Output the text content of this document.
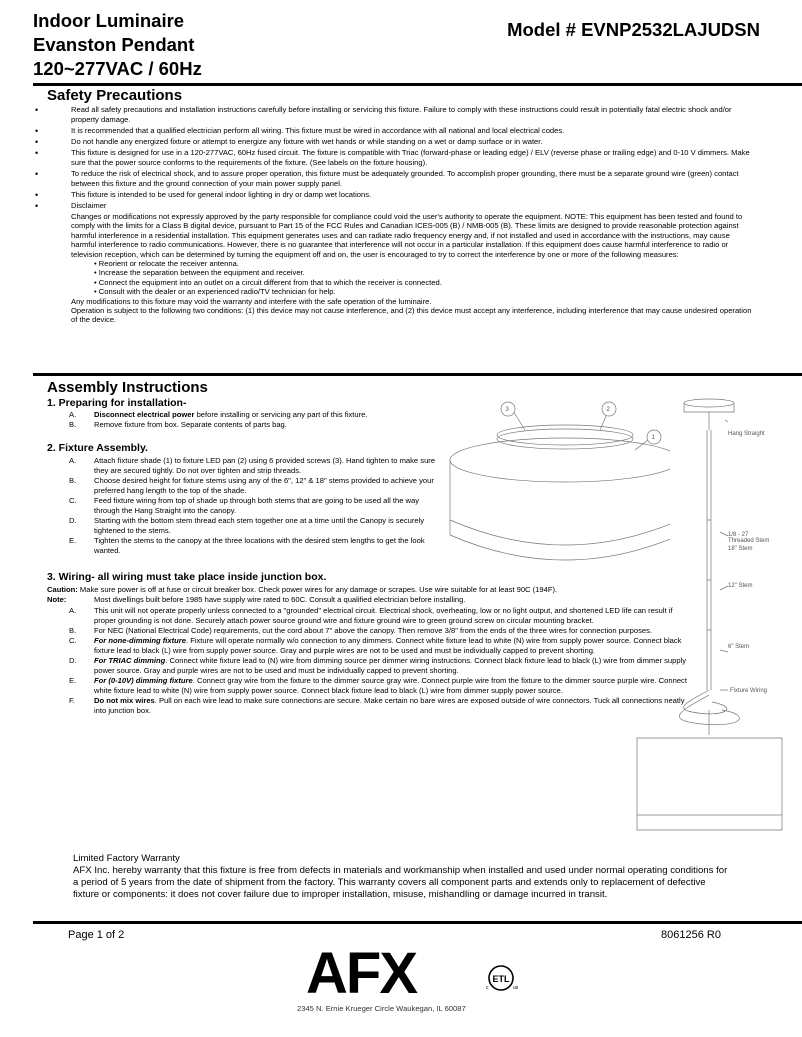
Indoor Luminaire
Evanston Pendant
120~277VAC / 60Hz
Model # EVNP2532LAJUDSN
Safety Precautions
• Read all safety precautions and installation instructions carefully before installing or servicing this fixture. Failure to comply with these instructions could result in potentially fatal electric shock and/or property damage.
• It is recommended that a qualified electrician perform all wiring. This fixture must be wired in accordance with all national and local electrical codes.
• Do not handle any energized fixture or attempt to energize any fixture with wet hands or while standing on a wet or damp surface or in water.
• This fixture is designed for use in a 120-277VAC, 60Hz fused circuit. The fixture is compatible with Triac (forward-phase or leading edge) / ELV (reverse phase or trailing edge) and 0-10 V dimmers. Make sure that the power source conforms to the requirements of the fixture. (See labels on the fixture housing).
• To reduce the risk of electrical shock, and to assure proper operation, this fixture must be adequately grounded. To accomplish proper grounding, there must be a separate ground wire (green) contact between this fixture and the ground connection of your main power supply panel.
• This fixture is intended to be used for general indoor lighting in dry or damp wet locations.
• Disclaimer
Changes or modifications not expressly approved by the party responsible for compliance could void the user's authority to operate the equipment. NOTE: This equipment has been tested and found to comply with the limits for a Class B digital device, pursuant to Part 15 of the FCC Rules and Canadian ICES-005 (B) / NMB-005 (B). These limits are designed to provide reasonable protection against harmful interference in a residential installation. This equipment generates uses and can radiate radio frequency energy and, if not installed and used in accordance with the instructions, may cause harmful interference to radio communications. However, there is no guarantee that interference will not occur in a particular installation. If this equipment does cause harmful interference to radio or television reception, which can be determined by turning the equipment off and on, the user is encouraged to try to correct the interference by one or more of the following measures:
• Reorient or relocate the receiver antenna.
• Increase the separation between the equipment and receiver.
• Connect the equipment into an outlet on a circuit different from that to which the receiver is connected.
• Consult with the dealer or an experienced radio/TV technician for help.
Any modifications to this fixture may void the warranty and interfere with the safe operation of the luminaire.
Operation is subject to the following two conditions: (1) this device may not cause interference, and (2) this device must accept any interference, including interference that may cause undesired operation of the device.
Assembly Instructions
1. Preparing for installation-
A. Disconnect electrical power before installing or servicing any part of this fixture.
B. Remove fixture from box. Separate contents of parts bag.
2. Fixture Assembly.
A. Attach fixture shade (1) to fixture LED pan (2) using 6 provided screws (3). Hand tighten to make sure they are secured tightly. Do not over tighten and strip threads.
B. Choose desired height for fixture stems using any of the 6", 12" & 18" stems provided to achieve your preferred hang length to the top of the shade.
C. Feed fixture wiring from top of shade up through both stems that are going to be used all the way through the Hang Straight into the canopy.
D. Starting with the bottom stem thread each stem together one at a time until the Canopy is securely tightened to the stems.
E. Tighten the stems to the canopy at the three locations with the desired stem lengths to get the look wanted.
3. Wiring- all wiring must take place inside junction box.
Caution: Make sure power is off at fuse or circuit breaker box. Check power wires for any damage or scrapes. Use wire suitable for at least 90C (194F).
Note:	Most dwellings built before 1985 have supply wire rated to 60C. Consult a qualified electrician before installing.
A. This unit will not operate properly unless connected to a "grounded" electrical circuit. Electrical shock, overheating, low or no light output, and shortened LED life can result if proper grounding is not done. Securely attach power source ground wire and fixture ground wire to green ground screw on circular mounting bracket.
B. For NEC (National Electrical Code) requirements, cut the cord about 7" above the canopy. Then remove 3/8" from the ends of the three wires for connection purposes.
C. For none-dimming fixture. Fixture will operate normally w/o connection to any dimmers. Connect white fixture lead to white (N) wire from supply power source. Connect black fixture lead to black (L) wire from supply power source. Gray and purple wires are not to be used and must be individually capped to prevent shorting.
D. For TRIAC dimming. Connect white fixture lead to (N) wire from dimming source per dimmer wiring instructions. Connect black fixture lead to black (L) wire from dimmer supply power source. Gray and purple wires are not to be used and must be individually capped to prevent shorting.
E. For (0-10V) dimming fixture. Connect gray wire from the fixture to the dimmer source gray wire. Connect purple wire from the fixture to the dimmer source purple wire. Connect white fixture lead to white (N) wire from supply power source. Connect black fixture lead to black (L) wire from dimmer supply power source.
F.	Do not mix wires. Pull on each wire lead to make sure connections are secure. Make certain no bare wires are exposed outside of wire connectors. Tuck all connections neatly into junction box.
3	2
1
Hang Straight
18" Stem
1/8 - 27
Threaded Stem
12" Stem
6" Stem
Fixture Wiring
Limited Factory Warranty
AFX Inc. hereby warranty that this fixture is free from defects in materials and workmanship when installed and used under normal operating conditions for a period of 5 years from the date of shipment from the factory. This warranty covers all component parts and extends only to replacement of defective fixture or components: it does not cover failure due to improper installation, misuse, mishandling or damage incurred in transit.
Page 1 of 2	8061256 R0
AFX	ETL
c	us
2345 N. Ernie Krueger Circle Waukegan, IL 60087
